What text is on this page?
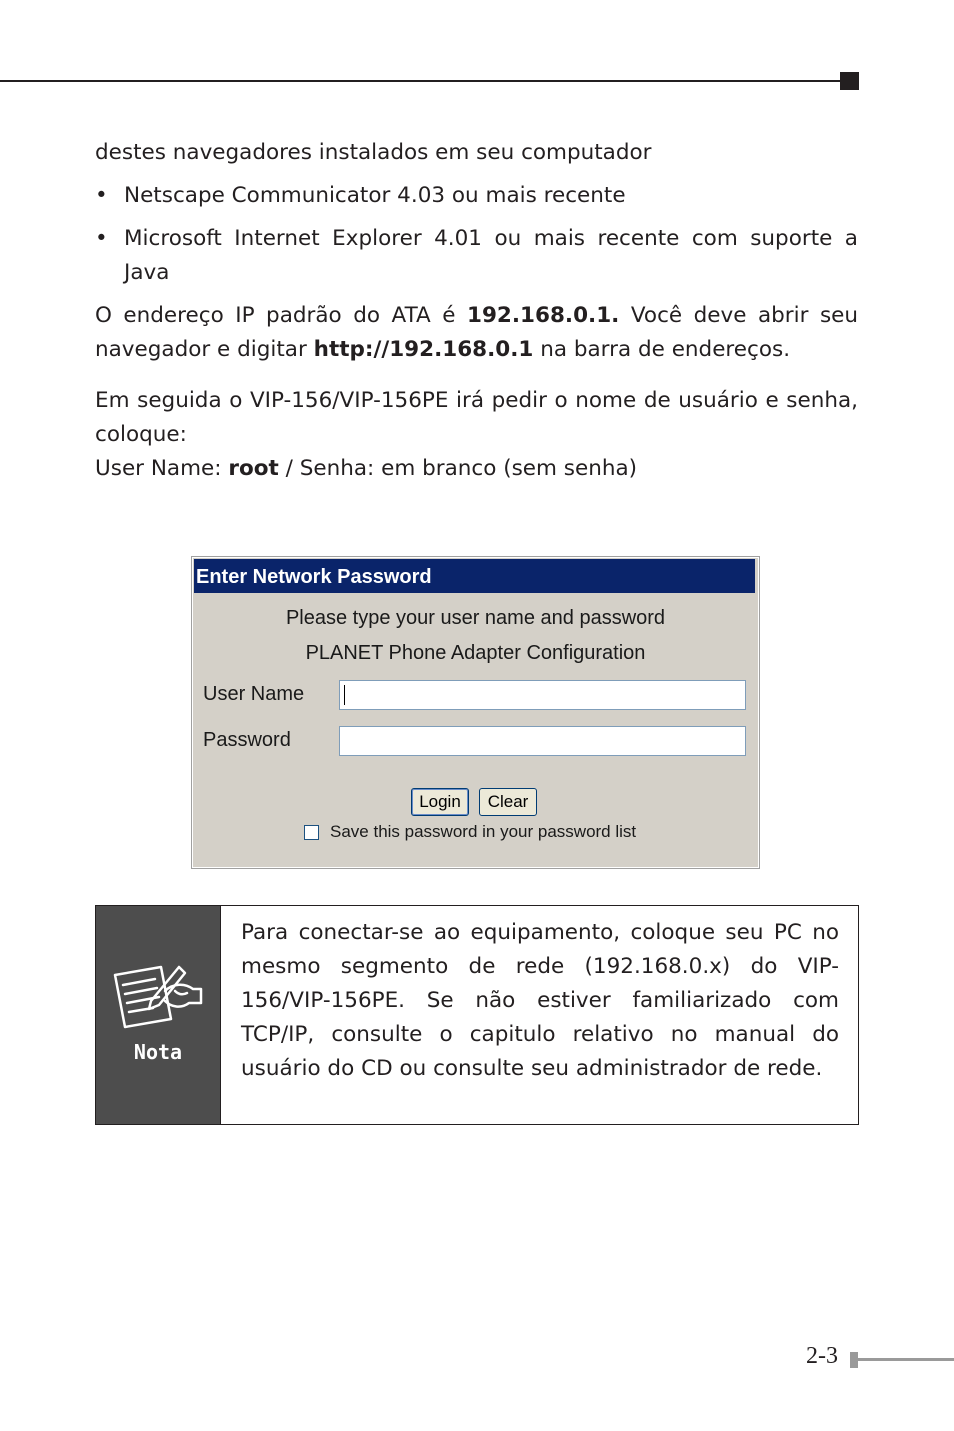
destes navegadores instalados em seu computador

• Netscape Communicator 4.03 ou mais recente
• Microsoft Internet Explorer 4.01 ou mais recente com suporte a Java

O endereço IP padrão do ATA é 192.168.0.1. Você deve abrir seu navegador e digitar http://192.168.0.1 na barra de endereços.

Em seguida o VIP-156/VIP-156PE irá pedir o nome de usuário e senha, coloque:

User Name: root / Senha: em branco (sem senha)

Enter Network Password
Please type your user name and password
PLANET Phone Adapter Configuration
User Name
Password
Login	Clear
Save this password in your password list
Nota
Para conectar-se ao equipamento, coloque seu PC no mesmo segmento de rede (192.168.0.x) do VIP-156/VIP-156PE. Se não estiver familiarizado com TCP/IP, consulte o capitulo relativo no manual do usuário do CD ou consulte seu administrador de rede.
2-3
